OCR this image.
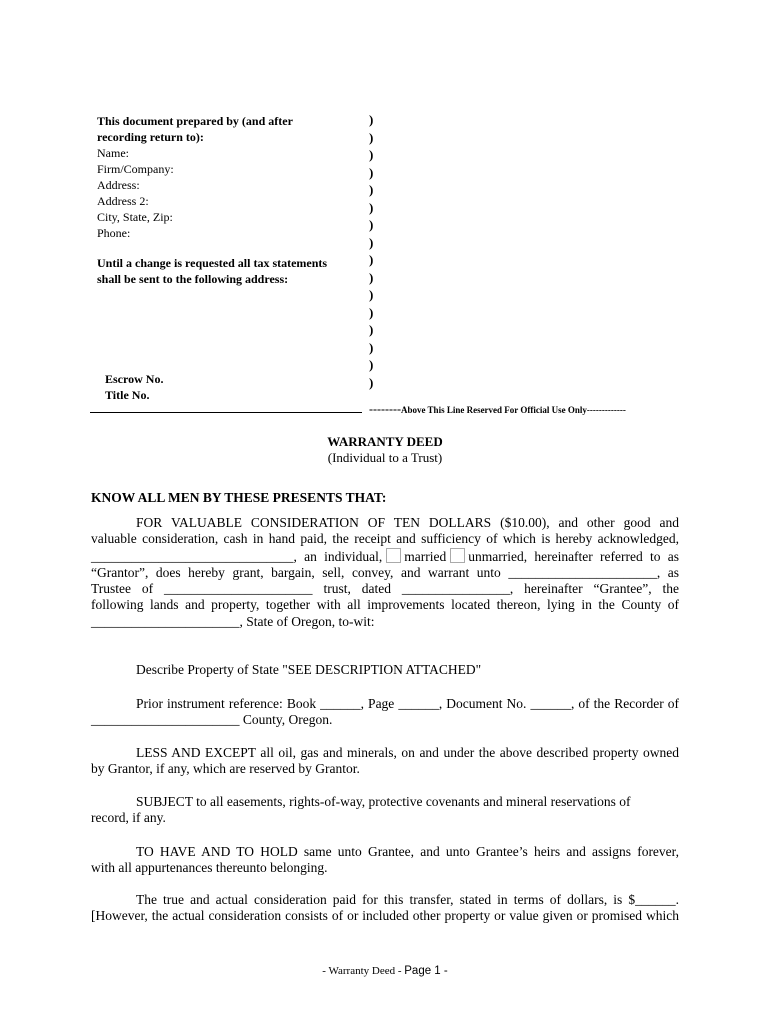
This document prepared by (and after
recording return to):
Name:
Firm/Company:
Address:
Address 2:
City, State, Zip:
Phone:
Until a change is requested all tax statements
shall be sent to the following address:
)
)
)
)
)
)
)
)
)
)
)
)
)
)
)
)
Escrow No.
Title No.
--------Above This Line Reserved For Official Use Only-------------
WARRANTY DEED
(Individual to a Trust)
KNOW ALL MEN BY THESE PRESENTS THAT:
FOR VALUABLE CONSIDERATION OF TEN DOLLARS ($10.00), and other good and
valuable consideration, cash in hand paid, the receipt and sufficiency of which is hereby acknowledged,
______________________________, an individual, married unmarried, hereinafter referred to as
“Grantor”, does hereby grant, bargain, sell, convey, and warrant unto ______________________, as
Trustee of ______________________ trust, dated ________________, hereinafter “Grantee”, the
following lands and property, together with all improvements located thereon, lying in the County of
______________________, State of Oregon, to-wit:
Describe Property of State "SEE DESCRIPTION ATTACHED"
Prior instrument reference: Book ______, Page ______, Document No. ______, of the Recorder of
______________________ County, Oregon.
LESS AND EXCEPT all oil, gas and minerals, on and under the above described property owned
by Grantor, if any, which are reserved by Grantor.
SUBJECT to all easements, rights-of-way, protective covenants and mineral reservations of
record, if any.
TO HAVE AND TO HOLD same unto Grantee, and unto Grantee’s heirs and assigns forever,
with all appurtenances thereunto belonging.
The true and actual consideration paid for this transfer, stated in terms of dollars, is $______.
[However, the actual consideration consists of or included other property or value given or promised which
- Warranty Deed - Page 1 -
